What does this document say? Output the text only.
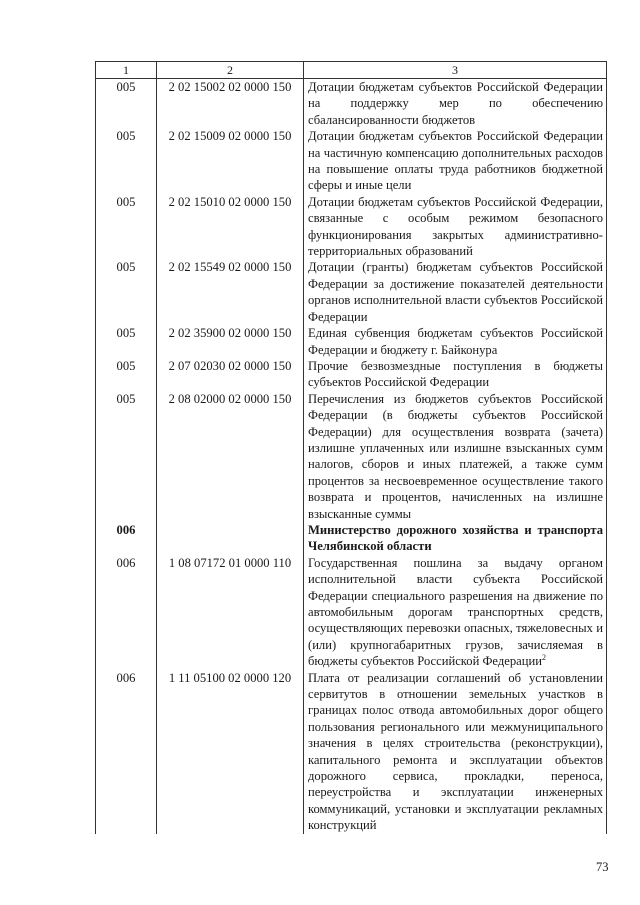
1	2	3
005	2 02 15002 02 0000 150	Дотации бюджетам субъектов Российской Федерации на поддержку мер по обеспечению сбалансированности бюджетов
005	2 02 15009 02 0000 150	Дотации бюджетам субъектов Российской Федерации на частичную компенсацию дополнительных расходов на повышение оплаты труда работников бюджетной сферы и иные цели
005	2 02 15010 02 0000 150	Дотации бюджетам субъектов Российской Федерации, связанные с особым режимом безопасного функционирования закрытых административно-территориальных образований
005	2 02 15549 02 0000 150	Дотации (гранты) бюджетам субъектов Российской Федерации за достижение показателей деятельности органов исполнительной власти субъектов Российской Федерации
005	2 02 35900 02 0000 150	Единая субвенция бюджетам субъектов Российской Федерации и бюджету г. Байконура
005	2 07 02030 02 0000 150	Прочие безвозмездные поступления в бюджеты субъектов Российской Федерации
005	2 08 02000 02 0000 150	Перечисления из бюджетов субъектов Российской Федерации (в бюджеты субъектов Российской Федерации) для осуществления возврата (зачета) излишне уплаченных или излишне взысканных сумм налогов, сборов и иных платежей, а также сумм процентов за несвоевременное осуществление такого возврата и процентов, начисленных на излишне взысканные суммы
006		Министерство дорожного хозяйства и транспорта Челябинской области
006	1 08 07172 01 0000 110	Государственная пошлина за выдачу органом исполнительной власти субъекта Российской Федерации специального разрешения на движение по автомобильным дорогам транспортных средств, осуществляющих перевозки опасных, тяжеловесных и (или) крупногабаритных грузов, зачисляемая в бюджеты субъектов Российской Федерации$^2$
006	1 11 05100 02 0000 120	Плата от реализации соглашений об установлении сервитутов в отношении земельных участков в границах полос отвода автомобильных дорог общего пользования регионального или межмуниципального значения в целях строительства (реконструкции), капитального ремонта и эксплуатации объектов дорожного сервиса, прокладки, переноса, переустройства и эксплуатации инженерных коммуникаций, установки и эксплуатации рекламных конструкций
73
